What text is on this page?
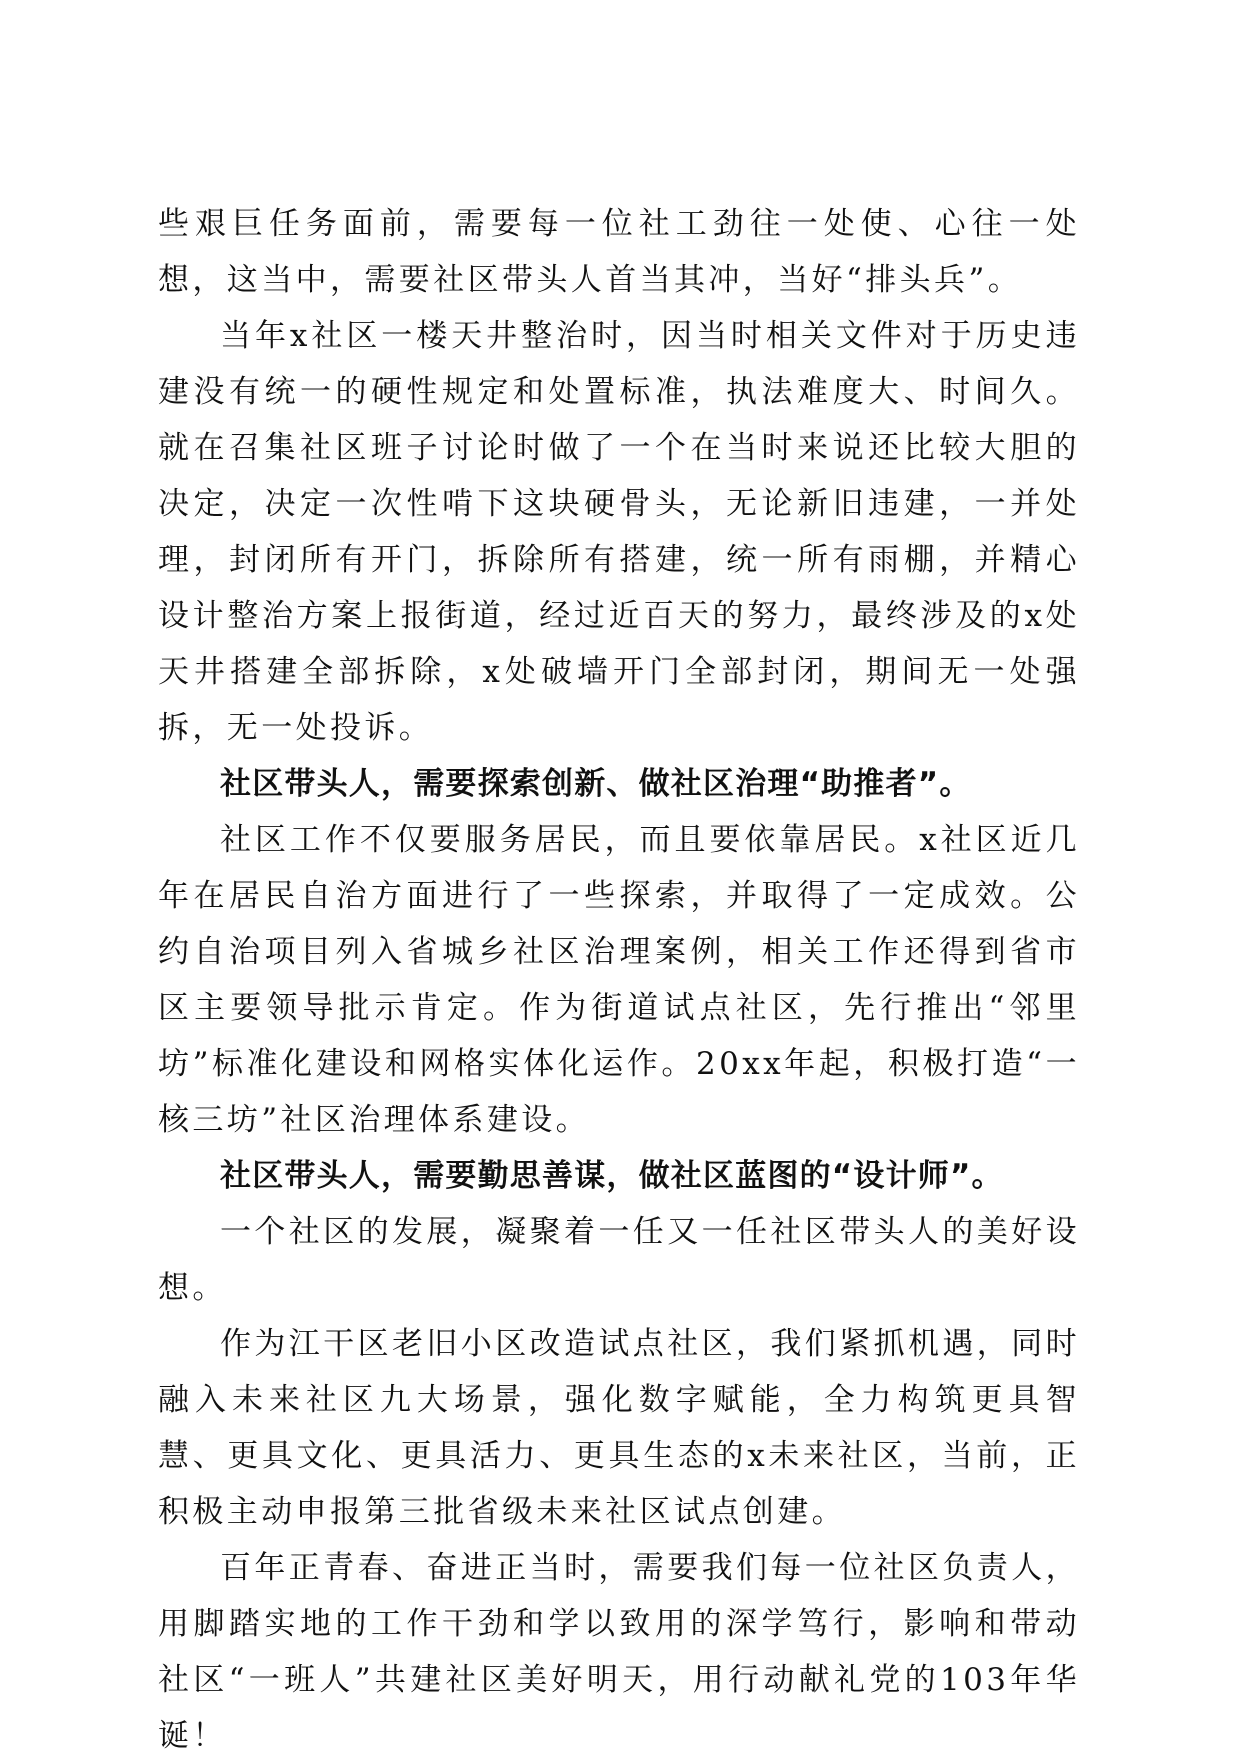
些艰巨任务面前，需要每一位社工劲往一处使、心往一处想，这当中，需要社区带头人首当其冲，当好“排头兵”。

当年x社区一楼天井整治时，因当时相关文件对于历史违建没有统一的硬性规定和处置标准，执法难度大、时间久。就在召集社区班子讨论时做了一个在当时来说还比较大胆的决定，决定一次性啃下这块硬骨头，无论新旧违建，一并处理，封闭所有开门，拆除所有搭建，统一所有雨棚，并精心设计整治方案上报街道，经过近百天的努力，最终涉及的x处天井搭建全部拆除，x处破墙开门全部封闭，期间无一处强拆，无一处投诉。

社区带头人，需要探索创新、做社区治理“助推者”。

社区工作不仅要服务居民，而且要依靠居民。x社区近几年在居民自治方面进行了一些探索，并取得了一定成效。公约自治项目列入省城乡社区治理案例，相关工作还得到省市区主要领导批示肯定。作为街道试点社区，先行推出“邻里坊”标准化建设和网格实体化运作。20xx年起，积极打造“一核三坊”社区治理体系建设。

社区带头人，需要勤思善谋，做社区蓝图的“设计师”。

一个社区的发展，凝聚着一任又一任社区带头人的美好设想。

作为江干区老旧小区改造试点社区，我们紧抓机遇，同时融入未来社区九大场景，强化数字赋能，全力构筑更具智慧、更具文化、更具活力、更具生态的x未来社区，当前，正积极主动申报第三批省级未来社区试点创建。

百年正青春、奋进正当时，需要我们每一位社区负责人，用脚踏实地的工作干劲和学以致用的深学笃行，影响和带动社区“一班人”共建社区美好明天，用行动献礼党的103年华诞！
